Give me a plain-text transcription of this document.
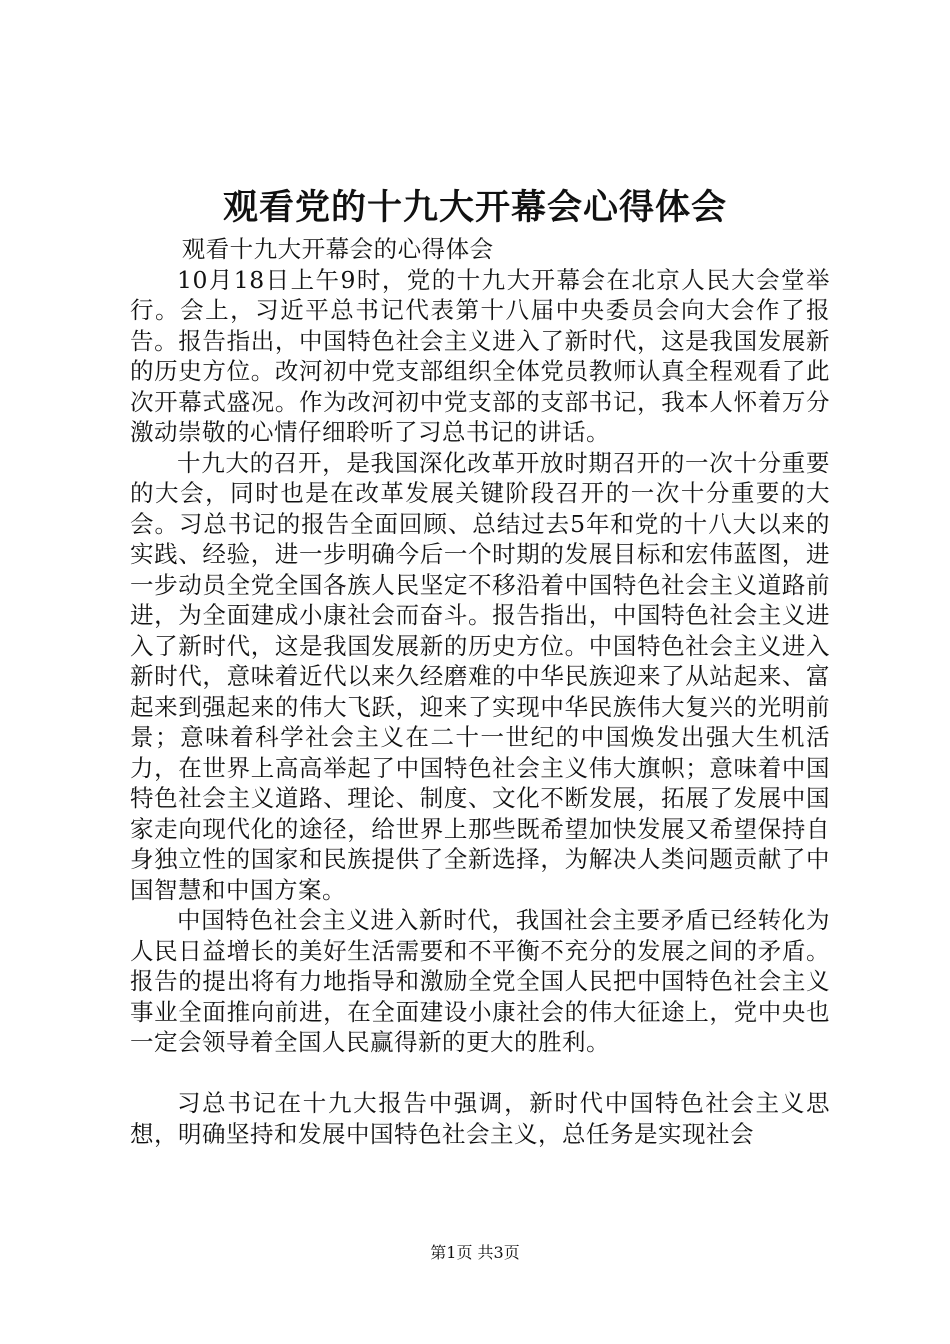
观看党的十九大开幕会心得体会

观看十九大开幕会的心得体会

10月18日上午9时，党的十九大开幕会在北京人民大会堂举行。会上，习近平总书记代表第十八届中央委员会向大会作了报告。报告指出，中国特色社会主义进入了新时代，这是我国发展新的历史方位。改河初中党支部组织全体党员教师认真全程观看了此次开幕式盛况。作为改河初中党支部的支部书记，我本人怀着万分激动崇敬的心情仔细聆听了习总书记的讲话。

十九大的召开，是我国深化改革开放时期召开的一次十分重要的大会，同时也是在改革发展关键阶段召开的一次十分重要的大会。习总书记的报告全面回顾、总结过去5年和党的十八大以来的实践、经验，进一步明确今后一个时期的发展目标和宏伟蓝图，进一步动员全党全国各族人民坚定不移沿着中国特色社会主义道路前进，为全面建成小康社会而奋斗。报告指出，中国特色社会主义进入了新时代，这是我国发展新的历史方位。中国特色社会主义进入新时代，意味着近代以来久经磨难的中华民族迎来了从站起来、富起来到强起来的伟大飞跃，迎来了实现中华民族伟大复兴的光明前景；意味着科学社会主义在二十一世纪的中国焕发出强大生机活力，在世界上高高举起了中国特色社会主义伟大旗帜；意味着中国特色社会主义道路、理论、制度、文化不断发展，拓展了发展中国家走向现代化的途径，给世界上那些既希望加快发展又希望保持自身独立性的国家和民族提供了全新选择，为解决人类问题贡献了中国智慧和中国方案。

中国特色社会主义进入新时代，我国社会主要矛盾已经转化为人民日益增长的美好生活需要和不平衡不充分的发展之间的矛盾。报告的提出将有力地指导和激励全党全国人民把中国特色社会主义事业全面推向前进，在全面建设小康社会的伟大征途上，党中央也一定会领导着全国人民赢得新的更大的胜利。

习总书记在十九大报告中强调，新时代中国特色社会主义思想，明确坚持和发展中国特色社会主义，总任务是实现社会

第1页 共3页
